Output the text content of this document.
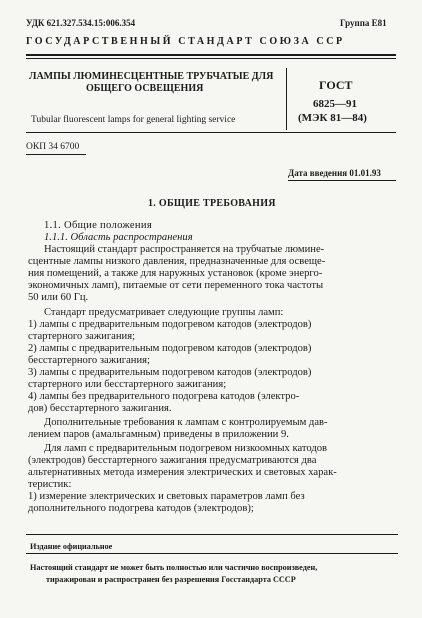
УДК 621.327.534.15:006.354	Группа Е81
ГОСУДАРСТВЕННЫЙ СТАНДАРТ СОЮЗА ССР
ЛАМПЫ ЛЮМИНЕСЦЕНТНЫЕ ТРУБЧАТЫЕ ДЛЯ
ОБЩЕГО ОСВЕЩЕНИЯ
Tubular fluorescent lamps for general lighting service
ГОСТ
6825—91
(МЭК 81—84)
ОКП 34 6700
Дата введения 01.01.93
1. ОБЩИЕ ТРЕБОВАНИЯ
1.1. Общие положения
1.1.1. Область распространения
Настоящий стандарт распространяется на трубчатые люмине-
сцентные лампы низкого давления, предназначенные для освеще-
ния помещений, а также для наружных установок (кроме энерго-
экономичных ламп), питаемые от сети переменного тока частоты
50 или 60 Гц.
Стандарт предусматривает следующие группы ламп:
1) лампы с предварительным подогревом катодов (электродов)
стартерного зажигания;
2) лампы с предварительным подогревом катодов (электродов)
бесстартерного зажигания;
3) лампы с предварительным подогревом катодов (электродов)
стартерного или бесстартерного зажигания;
4) лампы без предварительного подогрева катодов (электро-
дов) бесстартерного зажигания.
Дополнительные требования к лампам с контролируемым дав-
лением паров (амальгамным) приведены в приложении 9.
Для ламп с предварительным подогревом низкоомных катодов
(электродов) бесстартерного зажигания предусматриваются два
альтернативных метода измерения электрических и световых харак-
теристик:
1) измерение электрических и световых параметров ламп без
дополнительного подогрева катодов (электродов);
Издание официальное
Настоящий стандарт не может быть полностью или частично воспроизведен,
тиражирован и распространен без разрешения Госстандарта СССР
